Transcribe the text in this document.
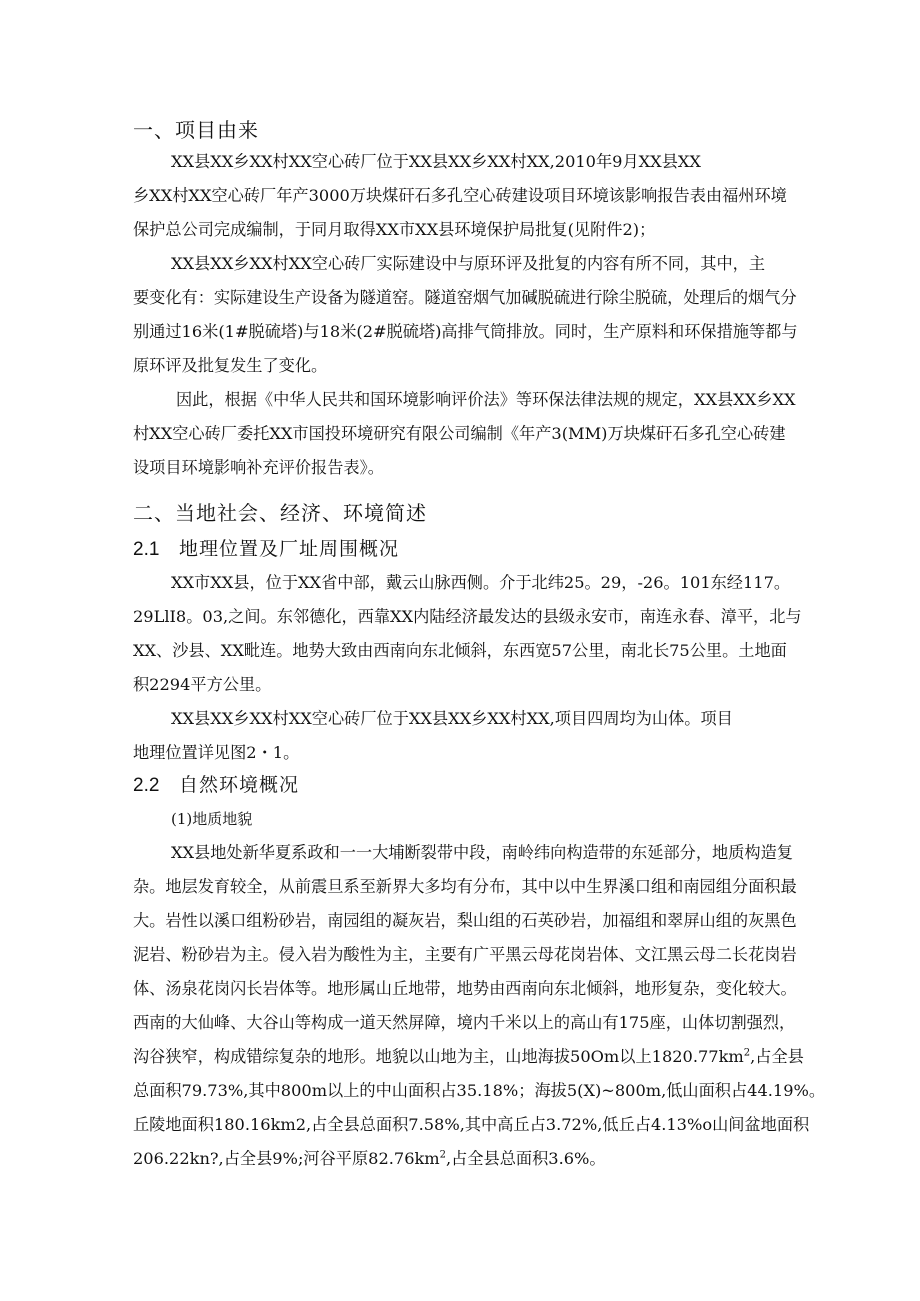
一、项目由来
XX县XX乡XX村XX空心砖厂位于XX县XX乡XX村XX,2010年9月XX县XX
乡XX村XX空心砖厂年产3000万块煤矸石多孔空心砖建设项目环境该影响报告表由福州环境
保护总公司完成编制，于同月取得XX市XX县环境保护局批复(见附件2)；
XX县XX乡XX村XX空心砖厂实际建设中与原环评及批复的内容有所不同，其中，主
要变化有：实际建设生产设备为隧道窑。隧道窑烟气加碱脱硫进行除尘脱硫，处理后的烟气分
别通过16米(1#脱硫塔)与18米(2#脱硫塔)高排气筒排放。同时，生产原料和环保措施等都与
原环评及批复发生了变化。
因此，根据《中华人民共和国环境影响评价法》等环保法律法规的规定，XX县XX乡XX
村XX空心砖厂委托XX市国投环境研究有限公司编制《年产3(MM)万块煤矸石多孔空心砖建
设项目环境影响补充评价报告表》。
二、当地社会、经济、环境简述
2.1 地理位置及厂址周围概况
XX市XX县，位于XX省中部，戴云山脉西侧。介于北纬25。29，-26。101东经117。
29LlI8。03,之间。东邻德化，西靠XX内陆经济最发达的县级永安市，南连永春、漳平，北与
XX、沙县、XX毗连。地势大致由西南向东北倾斜，东西宽57公里，南北长75公里。土地面
积2294平方公里。
XX县XX乡XX村XX空心砖厂位于XX县XX乡XX村XX,项目四周均为山体。项目
地理位置详见图2・1。
2.2 自然环境概况
(1)地质地貌
XX县地处新华夏系政和一一大埔断裂带中段，南岭纬向构造带的东延部分，地质构造复
杂。地层发育较全，从前震旦系至新界大多均有分布，其中以中生界溪口组和南园组分面积最
大。岩性以溪口组粉砂岩，南园组的凝灰岩，梨山组的石英砂岩，加福组和翠屏山组的灰黑色
泥岩、粉砂岩为主。侵入岩为酸性为主，主要有广平黑云母花岗岩体、文江黑云母二长花岗岩
体、汤泉花岗闪长岩体等。地形属山丘地带，地势由西南向东北倾斜，地形复杂，变化较大。
西南的大仙峰、大谷山等构成一道天然屏障，境内千米以上的高山有175座，山体切割强烈，
沟谷狭窄，构成错综复杂的地形。地貌以山地为主，山地海拔50Om以上$1820.77km^2$,占全县
总面积79.73%,其中800m以上的中山面积占35.18%；海拔5(X)~800m,低山面积占44.19%。
丘陵地面积180.16km2,占全县总面积7.58%,其中高丘占3.72%,低丘占4.13%o山间盆地面积
206.22kn?,占全县9%;河谷平原$82.76km^2$,占全县总面积3.6%。
